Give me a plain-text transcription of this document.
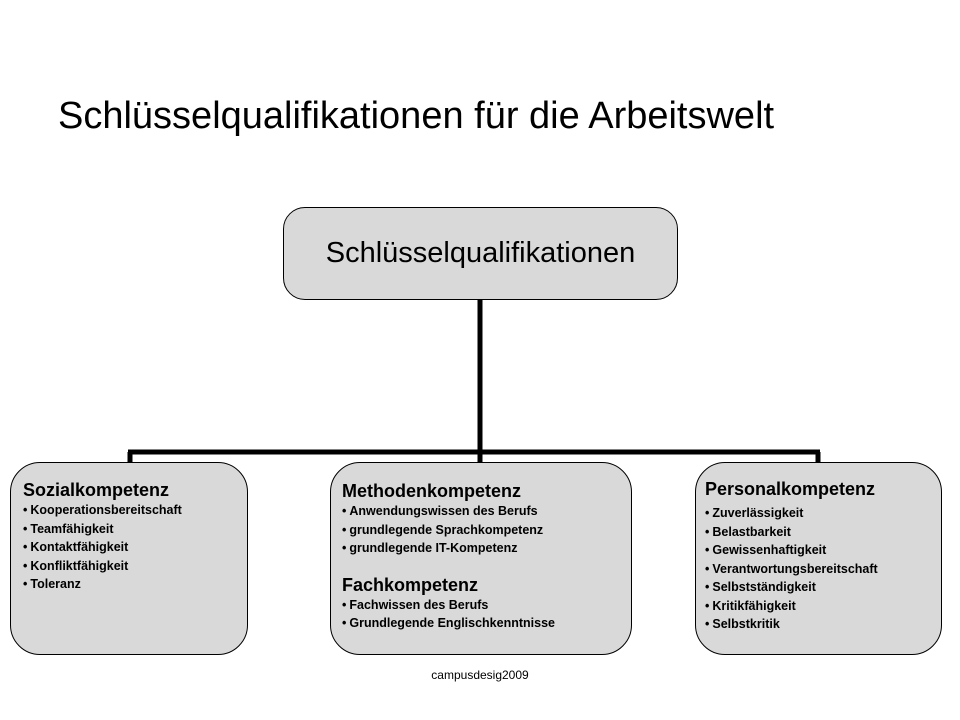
Schlüsselqualifikationen für die Arbeitswelt
Schlüsselqualifikationen
Sozialkompetenz
• Kooperationsbereitschaft
• Teamfähigkeit
• Kontaktfähigkeit
• Konfliktfähigkeit
• Toleranz
Methodenkompetenz
• Anwendungswissen des Berufs
• grundlegende Sprachkompetenz
• grundlegende IT-Kompetenz
Fachkompetenz
• Fachwissen des Berufs
• Grundlegende Englischkenntnisse
Personalkompetenz
• Zuverlässigkeit
• Belastbarkeit
• Gewissenhaftigkeit
• Verantwortungsbereitschaft
• Selbstständigkeit
• Kritikfähigkeit
• Selbstkritik
campusdesig2009
